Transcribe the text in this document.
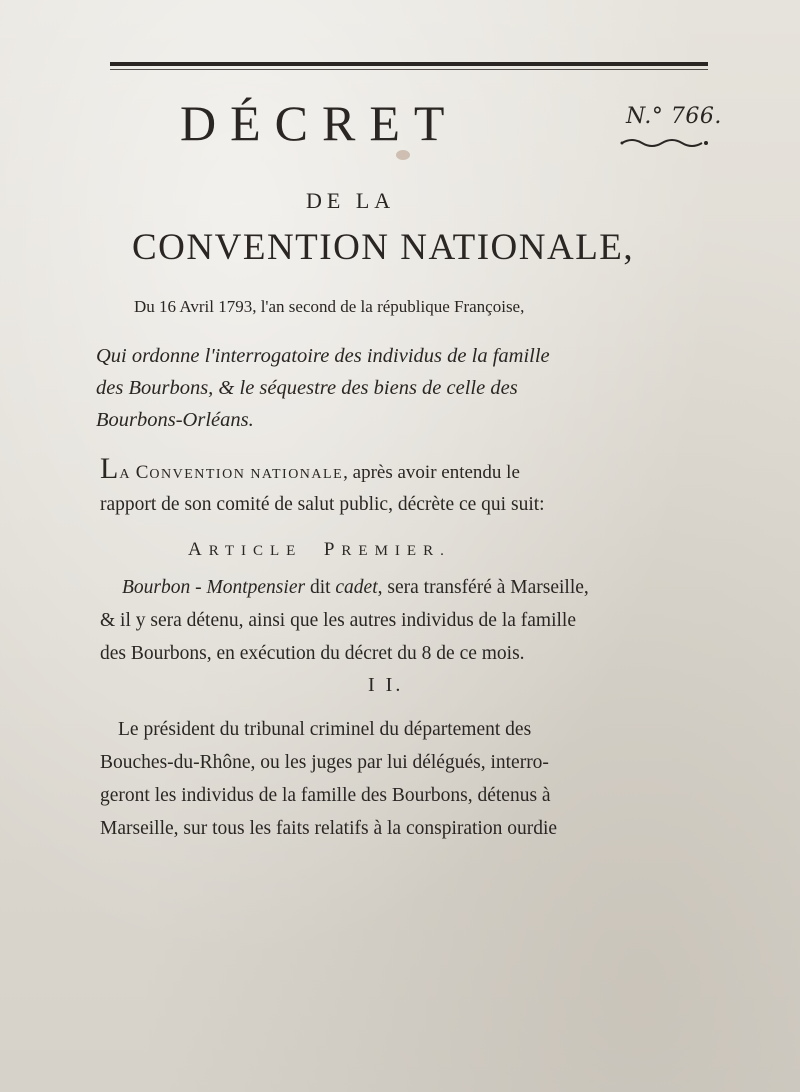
N.° 766.
DÉCRET
DE LA
CONVENTION NATIONALE,
Du 16 Avril 1793, l'an second de la république Françoise,

Qui ordonne l'interrogatoire des individus de la famille

des Bourbons, & le séquestre des biens de celle des

Bourbons-Orléans.

LA CONVENTION NATIONALE, après avoir entendu le
rapport de son comité de salut public, décrète ce qui suit:
ARTICLE PREMIER.
Bourbon - Montpensier dit cadet, sera transféré à Marseille,
& il y sera détenu, ainsi que les autres individus de la famille
des Bourbons, en exécution du décret du 8 de ce mois.
I I.
Le président du tribunal criminel du département des
Bouches-du-Rhône, ou les juges par lui délégués, interro-
geront les individus de la famille des Bourbons, détenus à
Marseille, sur tous les faits relatifs à la conspiration ourdie
